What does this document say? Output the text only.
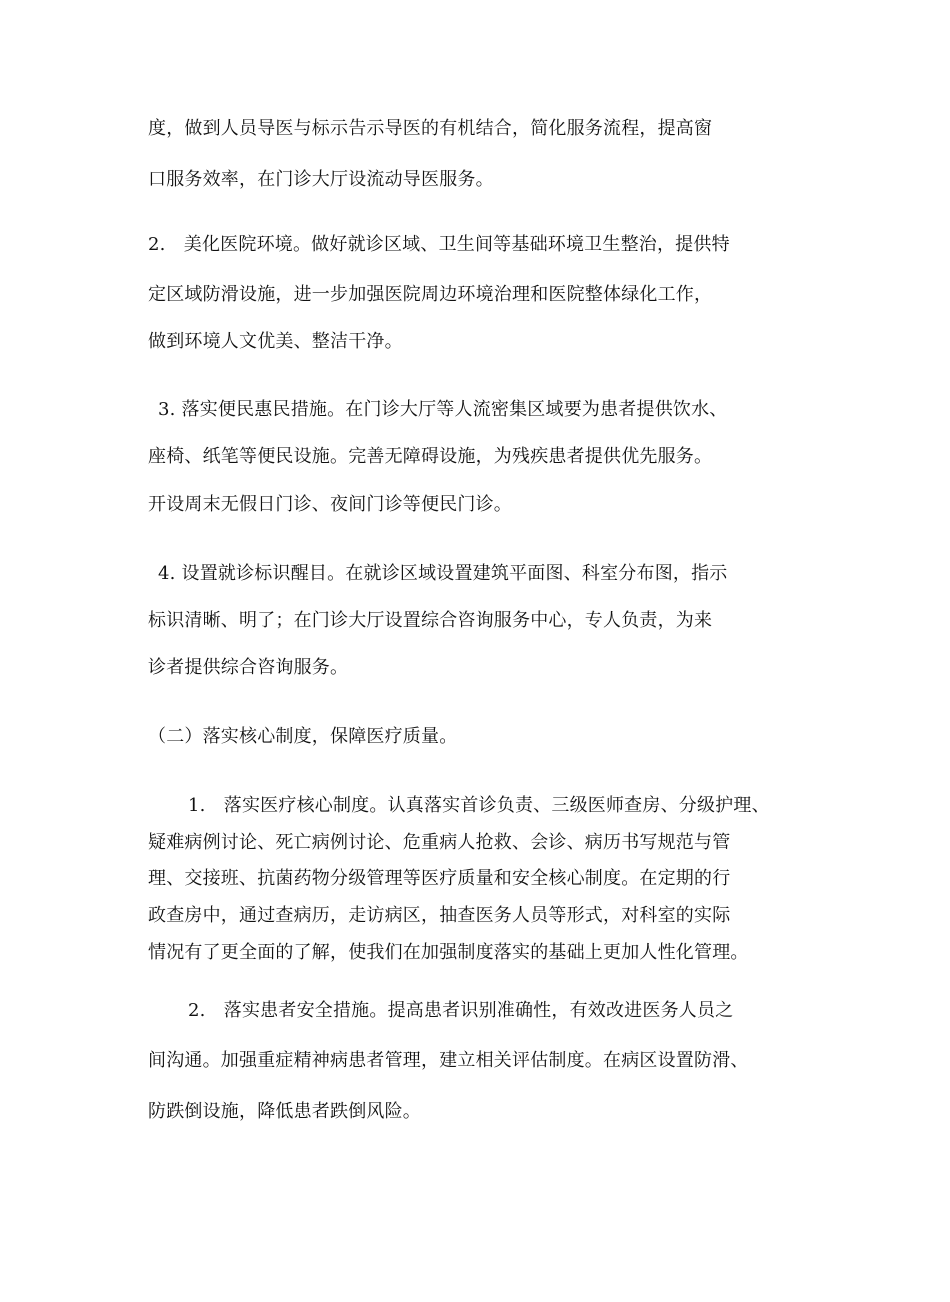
度，做到人员导医与标示告示导医的有机结合，简化服务流程，提高窗
口服务效率，在门诊大厅设流动导医服务。
2.　美化医院环境。做好就诊区域、卫生间等基础环境卫生整治，提供特
定区域防滑设施，进一步加强医院周边环境治理和医院整体绿化工作，
做到环境人文优美、整洁干净。
3. 落实便民惠民措施。在门诊大厅等人流密集区域要为患者提供饮水、
座椅、纸笔等便民设施。完善无障碍设施，为残疾患者提供优先服务。
开设周末无假日门诊、夜间门诊等便民门诊。
4. 设置就诊标识醒目。在就诊区域设置建筑平面图、科室分布图，指示
标识清晰、明了；在门诊大厅设置综合咨询服务中心，专人负责，为来
诊者提供综合咨询服务。
（二）落实核心制度，保障医疗质量。
1.　落实医疗核心制度。认真落实首诊负责、三级医师查房、分级护理、
疑难病例讨论、死亡病例讨论、危重病人抢救、会诊、病历书写规范与管
理、交接班、抗菌药物分级管理等医疗质量和安全核心制度。在定期的行
政查房中，通过查病历，走访病区，抽查医务人员等形式，对科室的实际
情况有了更全面的了解，使我们在加强制度落实的基础上更加人性化管理。
2.　落实患者安全措施。提高患者识别准确性，有效改进医务人员之
间沟通。加强重症精神病患者管理，建立相关评估制度。在病区设置防滑、
防跌倒设施，降低患者跌倒风险。
